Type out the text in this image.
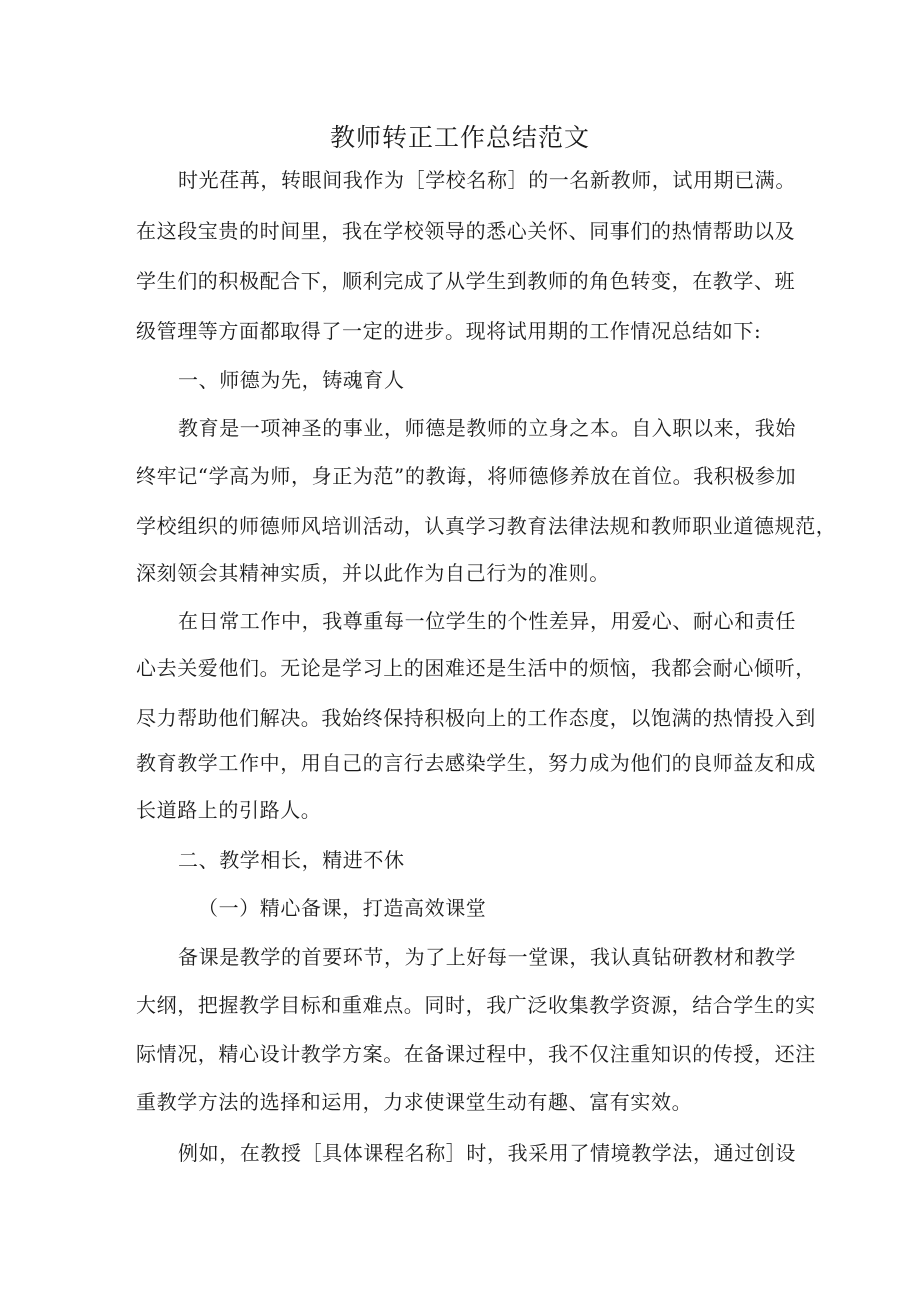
教师转正工作总结范文
时光荏苒，转眼间我作为［学校名称］的一名新教师，试用期已满。
在这段宝贵的时间里，我在学校领导的悉心关怀、同事们的热情帮助以及
学生们的积极配合下，顺利完成了从学生到教师的角色转变，在教学、班
级管理等方面都取得了一定的进步。现将试用期的工作情况总结如下:
一、师德为先，铸魂育人
教育是一项神圣的事业，师德是教师的立身之本。自入职以来，我始
终牢记“学高为师，身正为范”的教诲，将师德修养放在首位。我积极参加
学校组织的师德师风培训活动，认真学习教育法律法规和教师职业道德规范，
深刻领会其精神实质，并以此作为自己行为的准则。
在日常工作中，我尊重每一位学生的个性差异，用爱心、耐心和责任
心去关爱他们。无论是学习上的困难还是生活中的烦恼，我都会耐心倾听，
尽力帮助他们解决。我始终保持积极向上的工作态度，以饱满的热情投入到
教育教学工作中，用自己的言行去感染学生，努力成为他们的良师益友和成
长道路上的引路人。
二、教学相长，精进不休
（一）精心备课，打造高效课堂
备课是教学的首要环节，为了上好每一堂课，我认真钻研教材和教学
大纲，把握教学目标和重难点。同时，我广泛收集教学资源，结合学生的实
际情况，精心设计教学方案。在备课过程中，我不仅注重知识的传授，还注
重教学方法的选择和运用，力求使课堂生动有趣、富有实效。
例如，在教授［具体课程名称］时，我采用了情境教学法，通过创设
